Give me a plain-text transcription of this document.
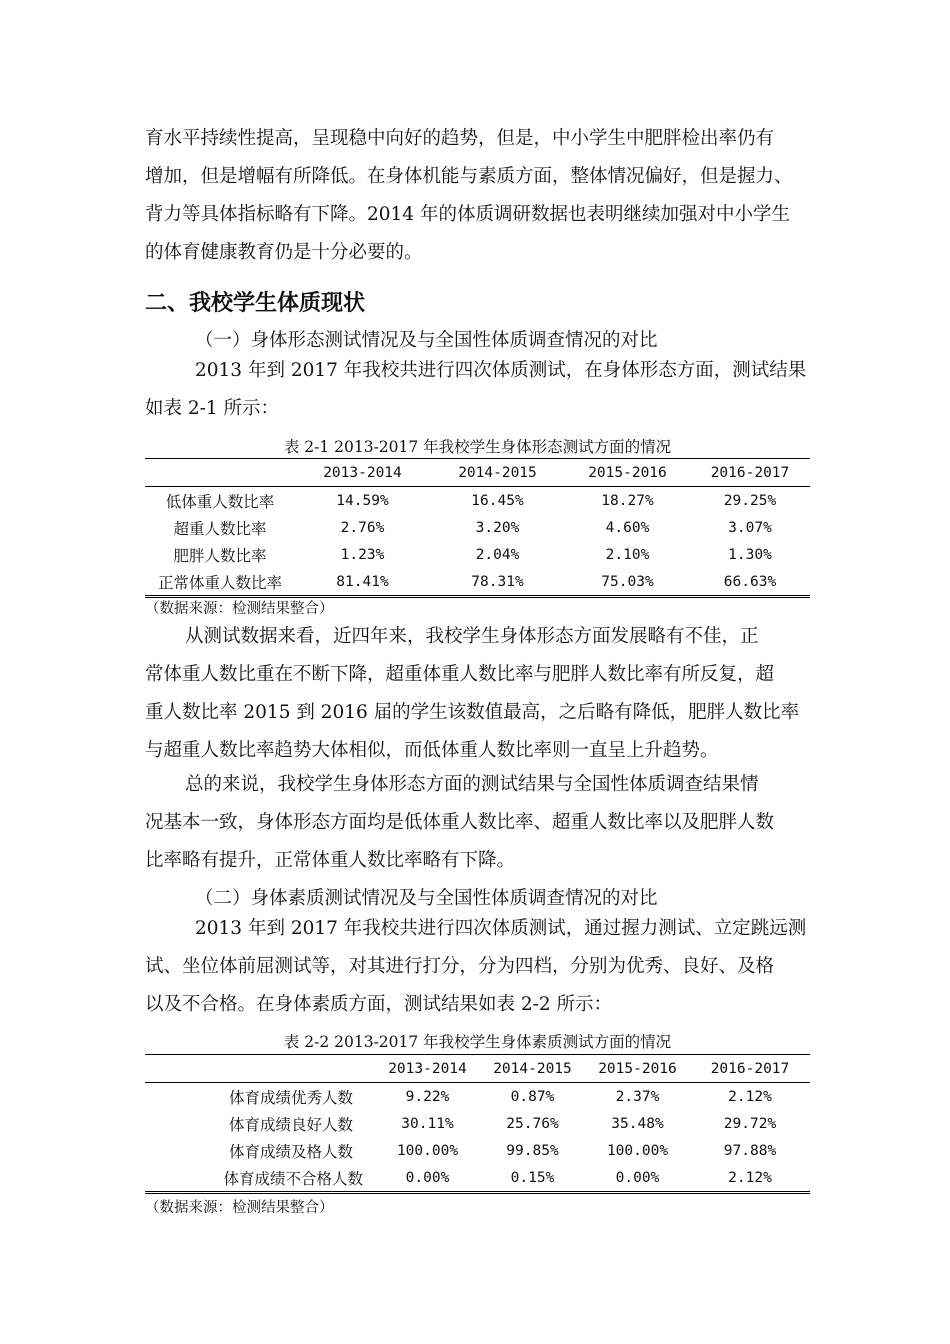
育水平持续性提高，呈现稳中向好的趋势，但是，中小学生中肥胖检出率仍有
增加，但是增幅有所降低。在身体机能与素质方面，整体情况偏好，但是握力、
背力等具体指标略有下降。2014 年的体质调研数据也表明继续加强对中小学生
的体育健康教育仍是十分必要的。
二、我校学生体质现状
（一）身体形态测试情况及与全国性体质调查情况的对比
2013 年到 2017 年我校共进行四次体质测试，在身体形态方面，测试结果
如表 2-1 所示：
表 2-1 2013-2017 年我校学生身体形态测试方面的情况
	2013-2014	2014-2015	2015-2016	2016-2017
低体重人数比率	14.59%	16.45%	18.27%	29.25%
超重人数比率	2.76%	3.20%	4.60%	3.07%
肥胖人数比率	1.23%	2.04%	2.10%	1.30%
正常体重人数比率	81.41%	78.31%	75.03%	66.63%
（数据来源：检测结果整合）
从测试数据来看，近四年来，我校学生身体形态方面发展略有不佳，正
常体重人数比重在不断下降，超重体重人数比率与肥胖人数比率有所反复，超
重人数比率 2015 到 2016 届的学生该数值最高，之后略有降低，肥胖人数比率
与超重人数比率趋势大体相似，而低体重人数比率则一直呈上升趋势。
总的来说，我校学生身体形态方面的测试结果与全国性体质调查结果情
况基本一致，身体形态方面均是低体重人数比率、超重人数比率以及肥胖人数
比率略有提升，正常体重人数比率略有下降。
（二）身体素质测试情况及与全国性体质调查情况的对比
2013 年到 2017 年我校共进行四次体质测试，通过握力测试、立定跳远测
试、坐位体前屈测试等，对其进行打分，分为四档，分别为优秀、良好、及格
以及不合格。在身体素质方面，测试结果如表 2-2 所示：
表 2-2 2013-2017 年我校学生身体素质测试方面的情况
	2013-2014	2014-2015	2015-2016	2016-2017
体育成绩优秀人数	9.22%	0.87%	2.37%	2.12%
体育成绩良好人数	30.11%	25.76%	35.48%	29.72%
体育成绩及格人数	100.00%	99.85%	100.00%	97.88%
体育成绩不合格人数	0.00%	0.15%	0.00%	2.12%
（数据来源：检测结果整合）
